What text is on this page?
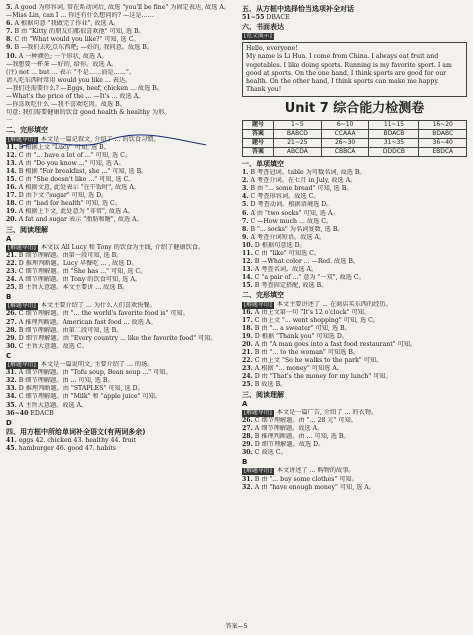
5. A good 为形容词, 常在系动词后, 故选 "you'll be fine" 为固定表达, 故选 A。
—Miss Lin, can I ... 你还有什么想问的? —这是……
6. A 根据句意 "我做完了作业", 故选 A。
7. B 由 "Kitty 的朋友们都很喜欢他" 可知, 选 B。
8. C 由 "What would you like?" 可知, 选 C。
9. B —我们去吃点东西吧; —好的, 我同意。故选 B。
10. A 一种颜色; 一个形状, 故选 A。
—我想要一杯茶 —好的, 给你。故选 A。
(注) not ... but ... 表示 "不是……而是……"。
请人吃东西时常用 would you like ... 表达。
—我们还需要什么? —Eggs, beef, chicken ... 故选 B。
—What's the price of the ... —It's ... 故选 A。
—你喜欢吃什么 —我不喜欢吃肉。故选 B。
句意: 我们需要健康的饮食 good health & healthy 为形。
一
二、完形填空
[解题导语] 本文是一篇记叙文, 介绍了 ... 的饮食习惯。
11. B 根据上文 "Lucy" 可知, 选 B。
12. C 由 "... have a lot of ..." 可知, 选 C。
13. A 由 "Do you know ..." 可知, 选 A。
14. B 根据 "For breakfast, she ..." 可知, 选 B。
15. C 由 "She doesn't like ..." 可知, 选 C。
16. A 根据文意, 此处表示 "在午饭时", 故选 A。
17. D 由下文 "sugar" 可知, 选 D。
18. C 由 "bad for health" 可知, 选 C。
19. A 根据上下文, 此处意为 "非常", 故选 A。
20. A fat and sugar 表示 "脂肪和糖", 故选 A。
三、阅读理解
A
[解题导语] 本文以 All Lucy 和 Tony 的饮食为主线, 介绍了健康饮食。
21. B 细节理解题。由第一段可知, 选 B。
22. D 推理判断题。Lucy 早餐吃 ... , 故选 D。
23. C 细节理解题。由 "She has ..." 可知, 选 C。
24. A 细节理解题。由 Tony 的饮食可知, 选 A。
25. B 主旨大意题。本文主要讲 ... 故选 B。
B
[解题导语] 本文主要介绍了 ... 为什么人们喜欢快餐。
26. C 细节理解题。由 "... the world's favorite food is" 可知。
27. A 推理判断题。American fast food ... 故选 A。
28. B 细节理解题。由第二段可知, 选 B。
29. D 细节理解题。由 "Every country ... like the favorite food" 可知。
30. C 主旨大意题。故选 C。
C
[解题导语] 本文是一篇说明文, 主要介绍了 ... 的汤。
31. A 细节理解题。由 "Tofu soup, Bean soup ..." 可知。
32. B 细节理解题。由 ... 可知, 选 B。
33. D 推理判断题。由 "STAPLES" 可知, 选 D。
34. C 细节理解题。由 "Milk" 和 "apple juice" 可知。
35. A 主旨大意题。故选 A。
36~40 EDACB
D
四、用方框中所给单词补全语文(有两词多余)
41. eggs 42. chicken 43. healthy 44. fruit
45. hamburger 46. good 47. habits
五、从方框中选择恰当选项补全对话
51~55 DBACE
六、书面表达
[范文展示]
Hello, everyone!
My name is Li Hua. I come from China. I always eat fruit and vegetables. I like doing sports. Running is my favorite sport. I am good at sports. On the one hand, I think sports are good for our health. On the other hand, I think sports can make me happy.
Thank you!
Unit 7 综合能力检测卷
题号	1~5	6~10	11~15	16~20
答案	BABCD	CCAAA	BDACB	BDABC
题号	21~25	26~30	31~35	36~40
答案	ABCDA	CBBCA	DDDCB	EBDCA
一、单项填空
1. B 考查冠词。table 为可数名词, 故选 B。
2. A 考查介词。在七月 in July, 故选 A。
3. B 由 "... some bread" 可知, 选 B。
4. C 考查形容词。故选 C。
5. D 考查动词。根据语境选 D。
6. A 由 "two socks" 可知, 选 A。
7. C —How much ... 故选 C。
8. B "... socks" 为名词复数, 选 B。
9. A 考查介词短语。故选 A。
10. D 根据句意选 D。
11. C 由 "like" 可知选 C。
12. B —What color ... —Red. 故选 B。
13. A 考查名词。故选 A。
14. C "a pair of ..." 意为 "一双", 故选 C。
15. B 考查固定搭配, 故选 B。
二、完形填空
[解题导语] 本文主要讲述了 ... 在商店买东西的经历。
16. A 由上文第一句 "It's 12 o'clock" 可知。
17. C 由上文 "... went shopping" 可知, 选 C。
18. B 由 "... a sweater" 可知, 选 B。
19. D 根据 "Thank you" 可知选 D。
20. A 由 "A man goes into a fast food restaurant" 可知。
21. B 由 "... to the woman" 可知选 B。
22. C 由上文 "So he walks to the park" 可知。
23. A 根据 "... money" 可知选 A。
24. D 由 "That's the money for my lunch" 可知。
25. B 故选 B。
三、阅读理解
A
[解题导语] 本文是一篇广告, 介绍了 ... 的衣物。
26. C 细节理解题。由 "... 28 元" 可知。
27. A 细节理解题。故选 A。
28. B 推理判断题。由 ... 可知, 选 B。
29. D 细节理解题。故选 D。
30. C 故选 C。
B
[解题导语] 本文讲述了 ... 购物的故事。
31. B 由 "... buy some clothes" 可知。
32. A 由 "have enough money" 可知, 选 A。
答案—5
